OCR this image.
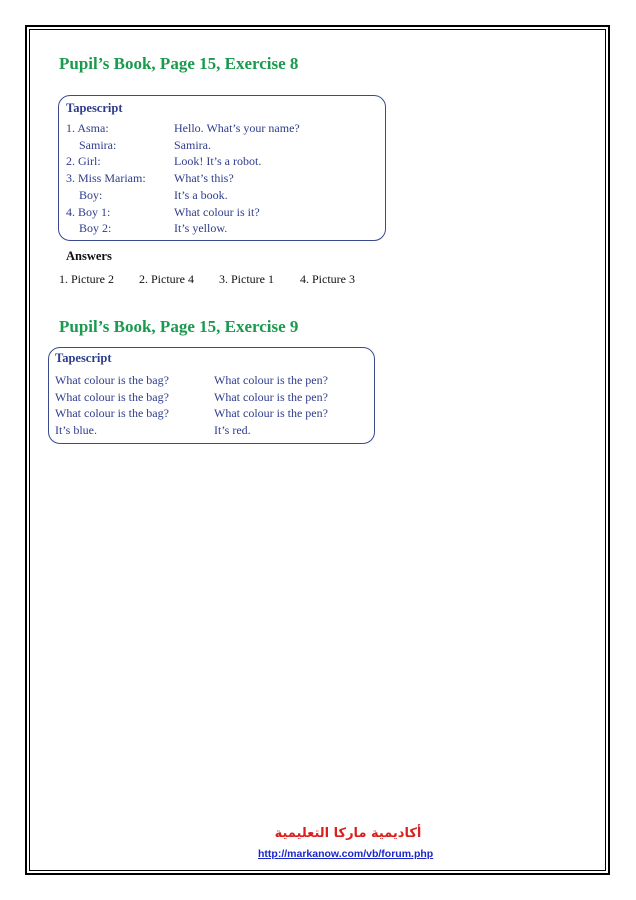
Pupil’s Book, Page 15, Exercise 8
Tapescript
1. Asma:	Hello. What’s your name?
Samira:	Samira.
2. Girl:	Look! It’s a robot.
3. Miss Mariam: What’s this?
Boy:	It’s a book.
4. Boy 1:	What colour is it?
Boy 2:	It’s yellow.
Answers
1. Picture 2 2. Picture 4 3. Picture 1 4. Picture 3
Pupil’s Book, Page 15, Exercise 9
Tapescript
What colour is the bag?	What colour is the pen?
What colour is the bag?	What colour is the pen?
What colour is the bag?	What colour is the pen?
It’s blue.	It’s red.
أكاديمية ماركا التعليمية
http://markanow.com/vb/forum.php
